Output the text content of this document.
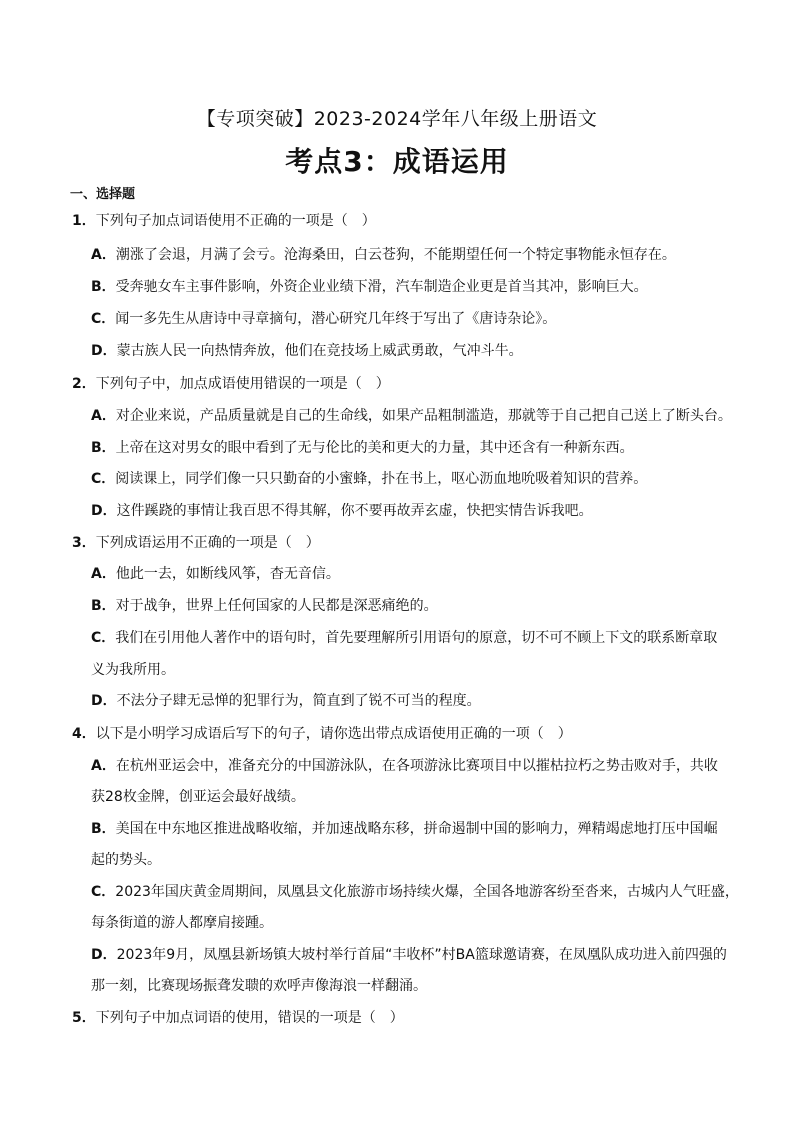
【专项突破】2023-2024学年八年级上册语文
考点3：成语运用
一、选择题
1．下列句子加点词语使用不正确的一项是（　）
A．潮涨了会退，月满了会亏。沧海桑田，白云苍狗，不能期望任何一个特定事物能永恒存在。
B．受奔驰女车主事件影响，外资企业业绩下滑，汽车制造企业更是首当其冲，影响巨大。
C．闻一多先生从唐诗中寻章摘句，潜心研究几年终于写出了《唐诗杂论》。
D．蒙古族人民一向热情奔放，他们在竞技场上威武勇敢，气冲斗牛。
2．下列句子中，加点成语使用错误的一项是（　）
A．对企业来说，产品质量就是自己的生命线，如果产品粗制滥造，那就等于自己把自己送上了断头台。
B．上帝在这对男女的眼中看到了无与伦比的美和更大的力量，其中还含有一种新东西。
C．阅读课上，同学们像一只只勤奋的小蜜蜂，扑在书上，呕心沥血地吮吸着知识的营养。
D．这件蹊跷的事情让我百思不得其解，你不要再故弄玄虚，快把实情告诉我吧。
3．下列成语运用不正确的一项是（　）
A．他此一去，如断线风筝，杳无音信。
B．对于战争，世界上任何国家的人民都是深恶痛绝的。
C．我们在引用他人著作中的语句时，首先要理解所引用语句的原意，切不可不顾上下文的联系断章取
义为我所用。
D．不法分子肆无忌惮的犯罪行为，简直到了锐不可当的程度。
4．以下是小明学习成语后写下的句子，请你选出带点成语使用正确的一项（　）
A．在杭州亚运会中，准备充分的中国游泳队，在各项游泳比赛项目中以摧枯拉朽之势击败对手，共收
获28枚金牌，创亚运会最好战绩。
B．美国在中东地区推进战略收缩，并加速战略东移，拼命遏制中国的影响力，殚精竭虑地打压中国崛
起的势头。
C．2023年国庆黄金周期间，凤凰县文化旅游市场持续火爆，全国各地游客纷至沓来，古城内人气旺盛，
每条街道的游人都摩肩接踵。
D．2023年9月，凤凰县新场镇大坡村举行首届“丰收杯”村BA篮球邀请赛，在凤凰队成功进入前四强的
那一刻，比赛现场振聋发聩的欢呼声像海浪一样翻涌。
5．下列句子中加点词语的使用，错误的一项是（　）
